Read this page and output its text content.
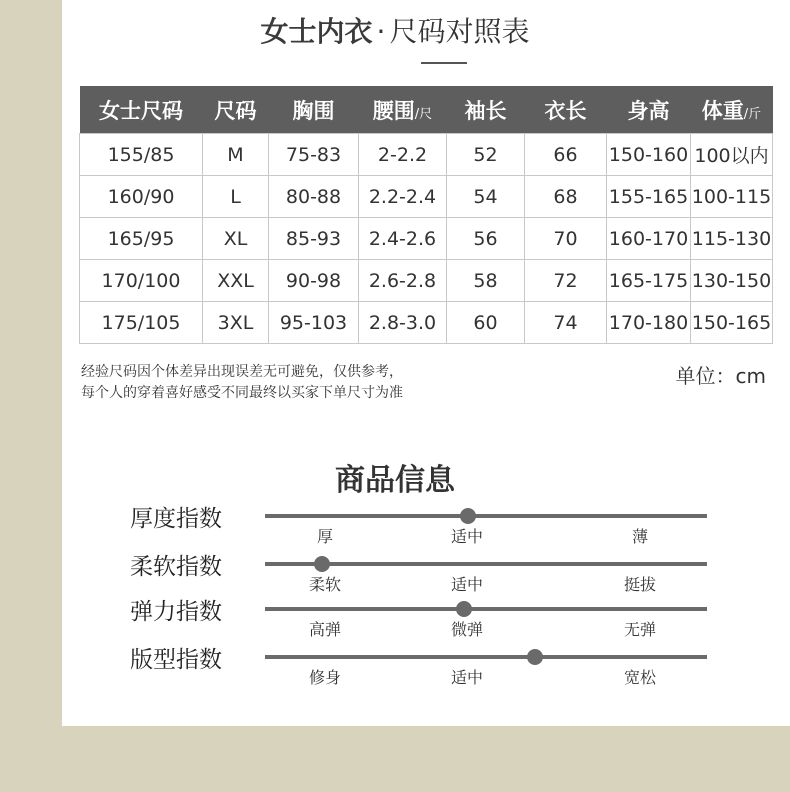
女士内衣 · 尺码对照表
女士尺码	尺码	胸围	腰围/尺	袖长	衣长	身高	体重/斤
155/85	M	75-83	2-2.2	52	66	150-160	100以内
160/90	L	80-88	2.2-2.4	54	68	155-165	100-115
165/95	XL	85-93	2.4-2.6	56	70	160-170	115-130
170/100	XXL	90-98	2.6-2.8	58	72	165-175	130-150
175/105	3XL	95-103	2.8-3.0	60	74	170-180	150-165
经验尺码因个体差异出现误差无可避免，仅供参考，
每个人的穿着喜好感受不同最终以买家下单尺寸为准
单位：cm
商品信息
厚度指数
厚	适中	薄
柔软指数
柔软	适中	挺拔
弹力指数
高弹	微弹	无弹
版型指数
修身	适中	宽松
